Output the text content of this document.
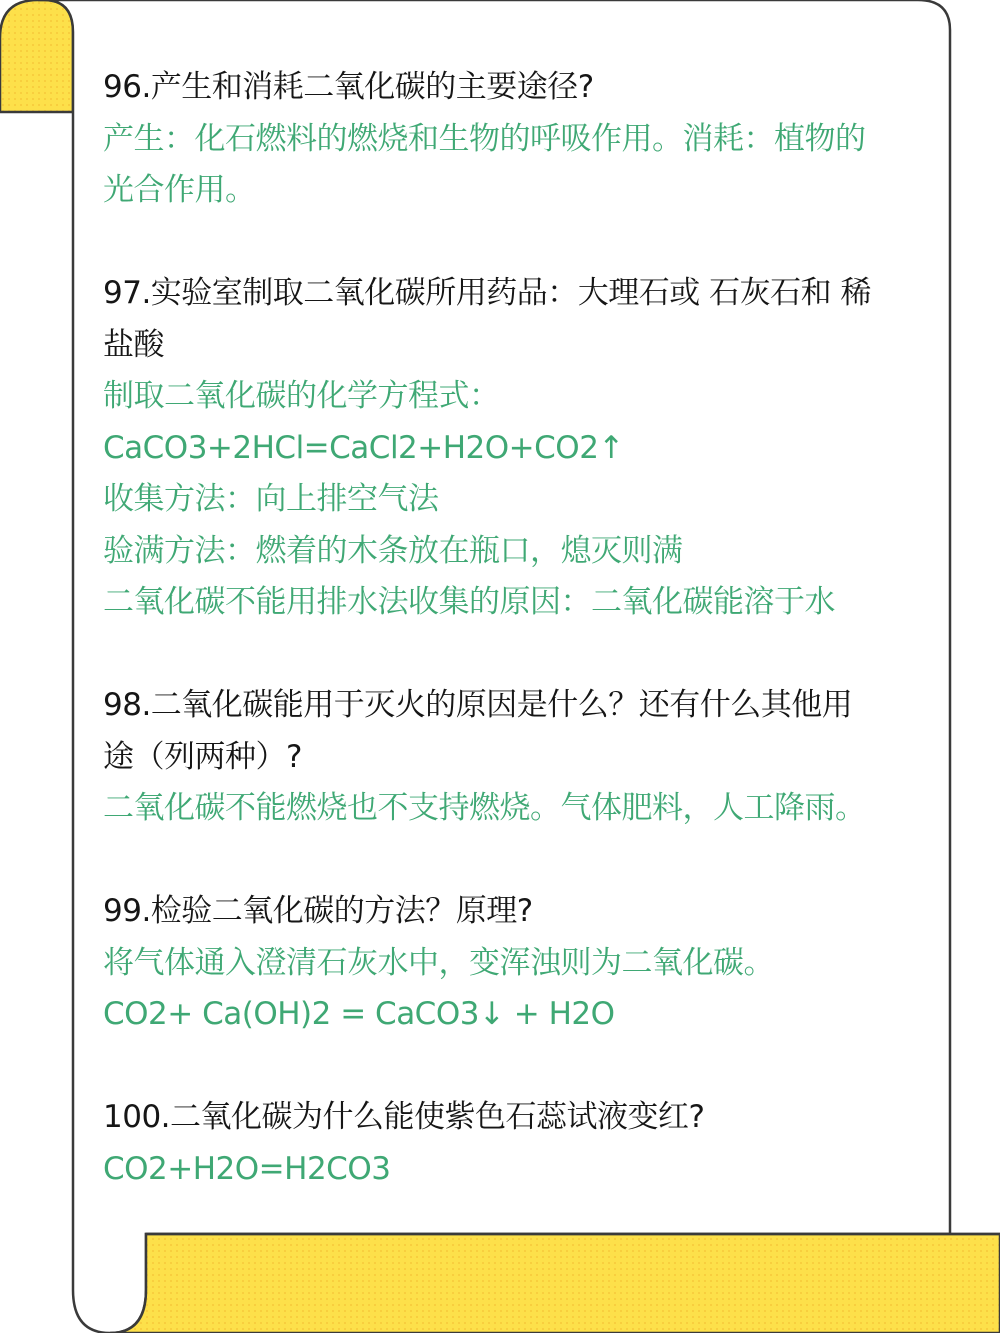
96.产生和消耗二氧化碳的主要途径?
产生：化石燃料的燃烧和生物的呼吸作用。消耗：植物的
光合作用。
97.实验室制取二氧化碳所用药品：大理石或 石灰石和 稀
盐酸
制取二氧化碳的化学方程式：
CaCO3+2HCl=CaCl2+H2O+CO2↑
收集方法：向上排空气法
验满方法：燃着的木条放在瓶口，熄灭则满
二氧化碳不能用排水法收集的原因：二氧化碳能溶于水
98.二氧化碳能用于灭火的原因是什么？还有什么其他用
途（列两种）?
二氧化碳不能燃烧也不支持燃烧。气体肥料，人工降雨。
99.检验二氧化碳的方法？原理?
将气体通入澄清石灰水中，变浑浊则为二氧化碳。
CO2+ Ca(OH)2 = CaCO3↓ + H2O
100.二氧化碳为什么能使紫色石蕊试液变红?
CO2+H2O=H2CO3
